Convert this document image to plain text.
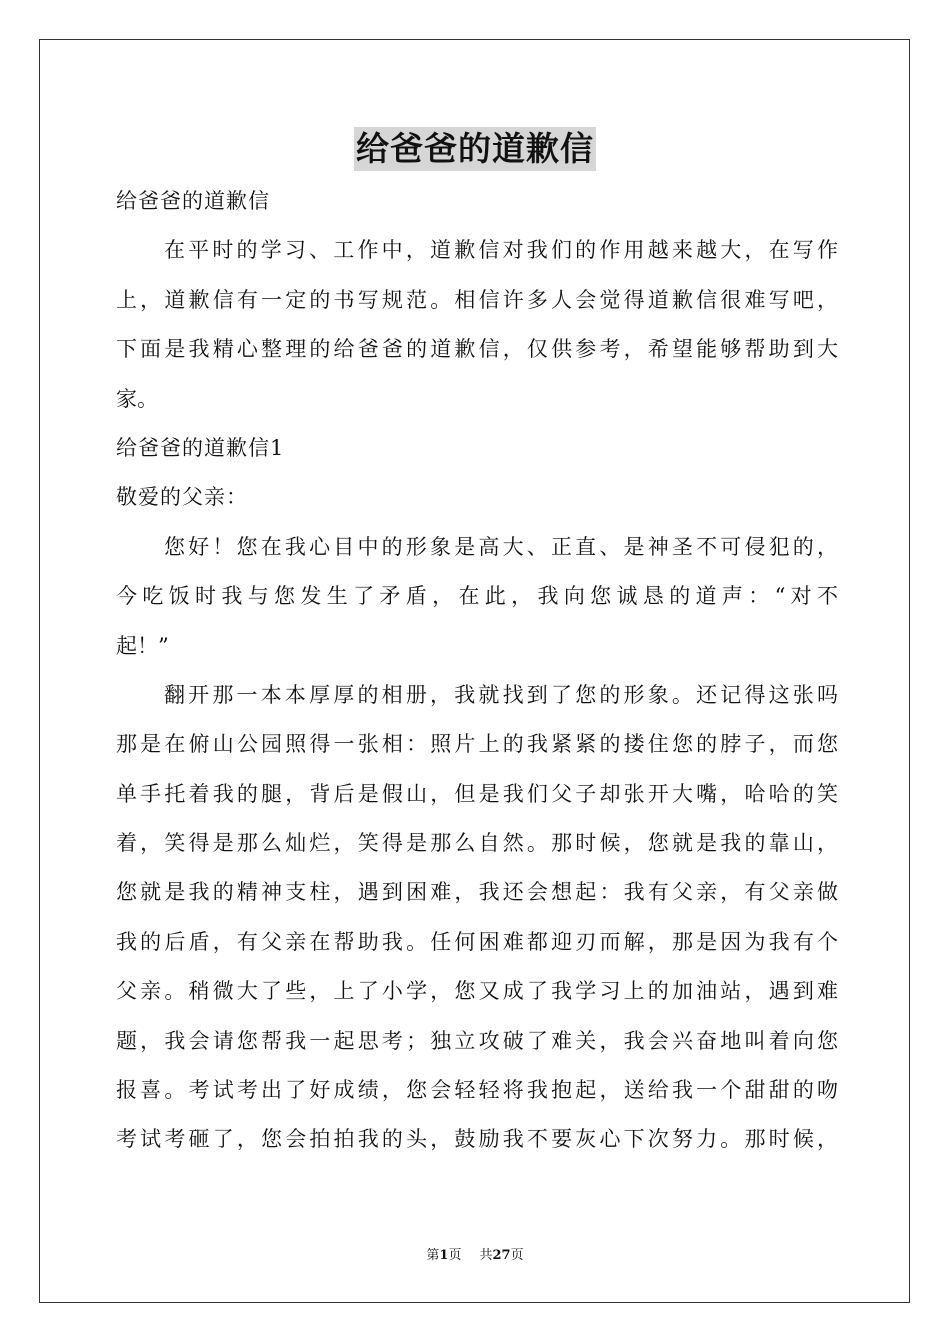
给爸爸的道歉信
给爸爸的道歉信
在平时的学习、工作中，道歉信对我们的作用越来越大，在写作
上，道歉信有一定的书写规范。相信许多人会觉得道歉信很难写吧，
下面是我精心整理的给爸爸的道歉信，仅供参考，希望能够帮助到大
家。
给爸爸的道歉信1
敬爱的父亲：
您好！您在我心目中的形象是高大、正直、是神圣不可侵犯的，
今吃饭时我与您发生了矛盾，在此，我向您诚恳的道声：“对不
起！”
翻开那一本本厚厚的相册，我就找到了您的形象。还记得这张吗
那是在俯山公园照得一张相：照片上的我紧紧的搂住您的脖子，而您
单手托着我的腿，背后是假山，但是我们父子却张开大嘴，哈哈的笑
着，笑得是那么灿烂，笑得是那么自然。那时候，您就是我的靠山，
您就是我的精神支柱，遇到困难，我还会想起：我有父亲，有父亲做
我的后盾，有父亲在帮助我。任何困难都迎刃而解，那是因为我有个
父亲。稍微大了些，上了小学，您又成了我学习上的加油站，遇到难
题，我会请您帮我一起思考；独立攻破了难关，我会兴奋地叫着向您
报喜。考试考出了好成绩，您会轻轻将我抱起，送给我一个甜甜的吻
考试考砸了，您会拍拍我的头，鼓励我不要灰心下次努力。那时候，
第1页 共27页
